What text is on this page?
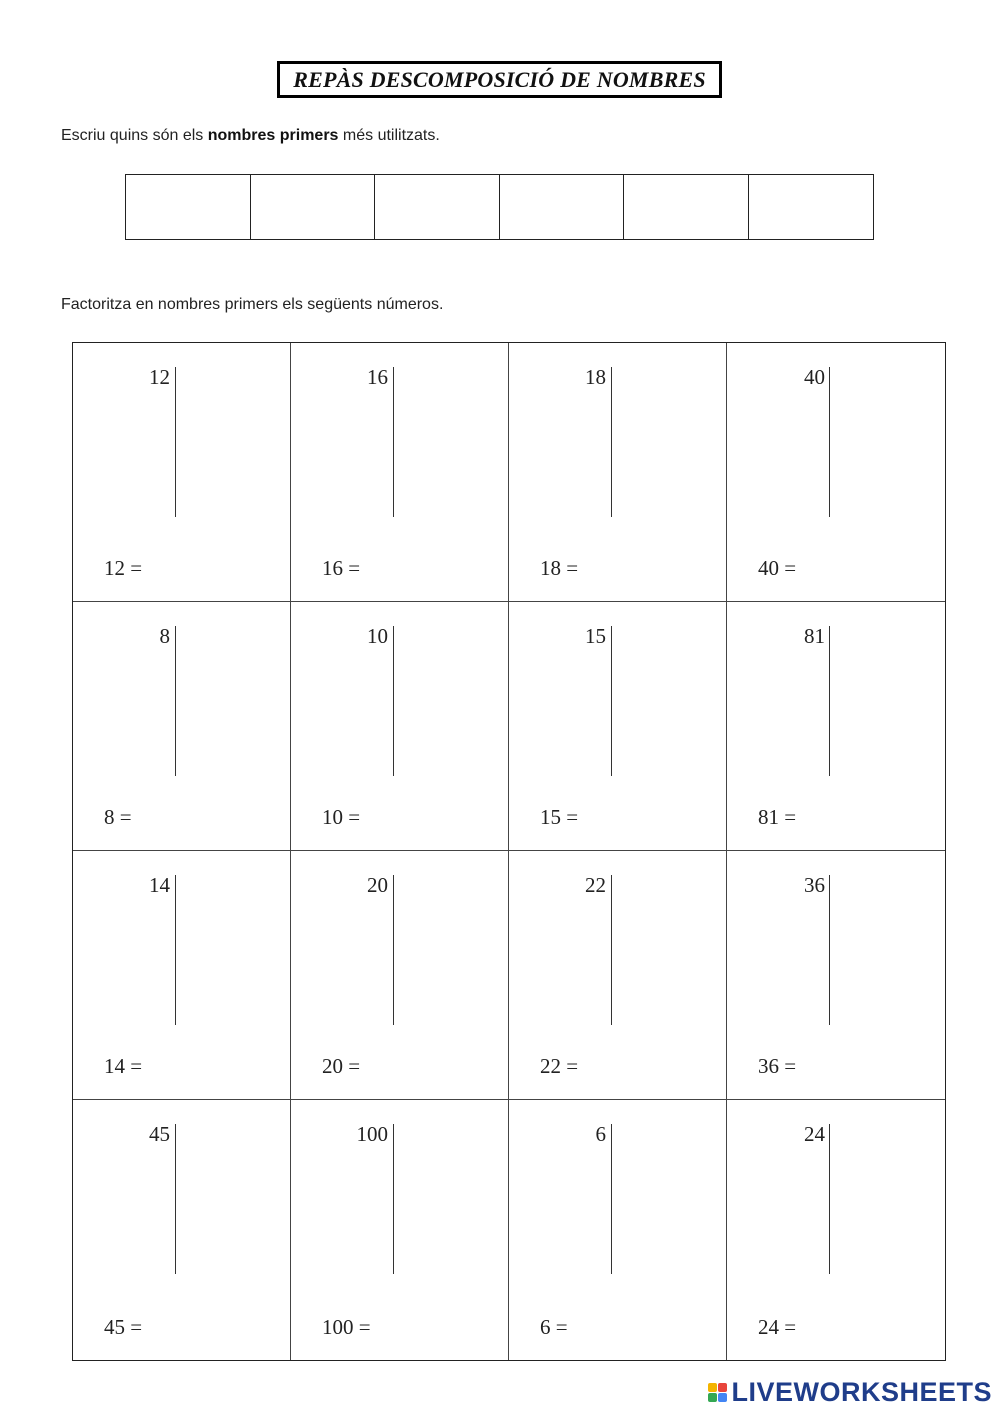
REPÀS DESCOMPOSICIÓ DE NOMBRES
Escriu quins són els nombres primers més utilitzats.
Factoritza en nombres primers els següents números.
12
12 =
16
16 =
18
18 =
40
40 =
8
8 =
10
10 =
15
15 =
81
81 =
14
14 =
20
20 =
22
22 =
36
36 =
45
45 =
100
100 =
6
6 =
24
24 =
LIVEWORKSHEETS
